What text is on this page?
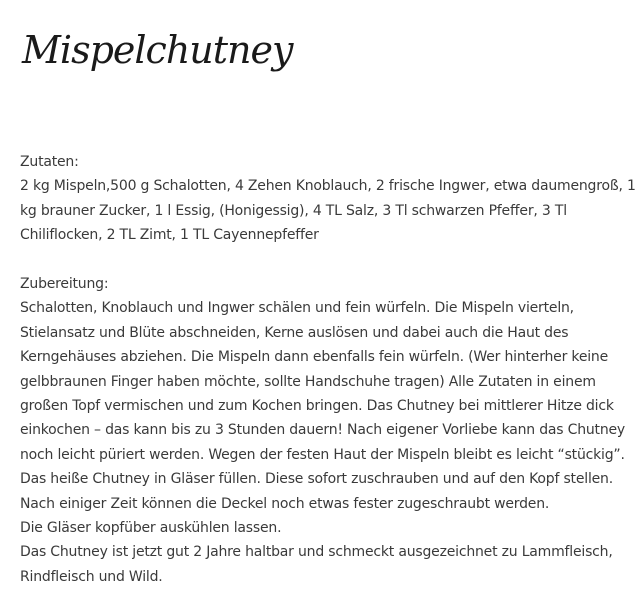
Mispelchutney

Zutaten:
2 kg Mispeln,500 g Schalotten, 4 Zehen Knoblauch, 2 frische Ingwer, etwa daumengroß, 1
kg brauner Zucker, 1 l Essig, (Honigessig), 4 TL Salz, 3 Tl schwarzen Pfeffer, 3 Tl
Chiliflocken, 2 TL Zimt, 1 TL Cayennepfeffer

Zubereitung:
Schalotten, Knoblauch und Ingwer schälen und fein würfeln. Die Mispeln vierteln,
Stielansatz und Blüte abschneiden, Kerne auslösen und dabei auch die Haut des
Kerngehäuses abziehen. Die Mispeln dann ebenfalls fein würfeln. (Wer hinterher keine
gelbbraunen Finger haben möchte, sollte Handschuhe tragen) Alle Zutaten in einem
großen Topf vermischen und zum Kochen bringen. Das Chutney bei mittlerer Hitze dick
einkochen – das kann bis zu 3 Stunden dauern! Nach eigener Vorliebe kann das Chutney
noch leicht püriert werden. Wegen der festen Haut der Mispeln bleibt es leicht “stückig”.
Das heiße Chutney in Gläser füllen. Diese sofort zuschrauben und auf den Kopf stellen.
Nach einiger Zeit können die Deckel noch etwas fester zugeschraubt werden.
Die Gläser kopfüber auskühlen lassen.
Das Chutney ist jetzt gut 2 Jahre haltbar und schmeckt ausgezeichnet zu Lammfleisch,
Rindfleisch und Wild.
